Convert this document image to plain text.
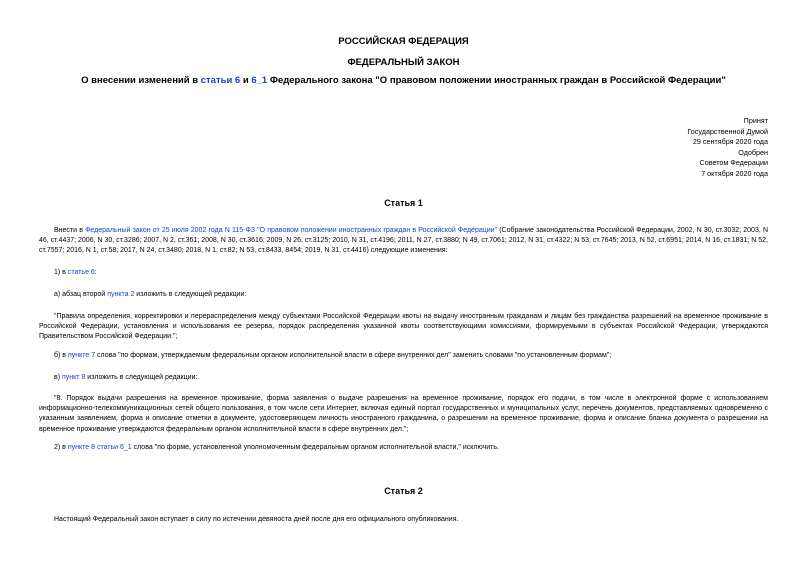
РОССИЙСКАЯ ФЕДЕРАЦИЯ
ФЕДЕРАЛЬНЫЙ ЗАКОН
О внесении изменений в статьи 6 и 6_1 Федерального закона "О правовом положении иностранных граждан в Российской Федерации"
Принят
Государственной Думой
29 сентября 2020 года
Одобрен
Советом Федерации
7 октября 2020 года
Статья 1
Внести в Федеральный закон от 25 июля 2002 года N 115-ФЗ "О правовом положении иностранных граждан в Российской Федерации" (Собрание законодательства Российской Федерации, 2002, N 30, ст.3032; 2003, N 46, ст.4437; 2006, N 30, ст.3286; 2007, N 2, ст.361; 2008, N 30, ст.3616; 2009, N 26, ст.3125; 2010, N 31, ст.4196; 2011, N 27, ст.3880; N 49, ст.7061; 2012, N 31, ст.4322; N 53, ст.7645; 2013, N 52, ст.6951; 2014, N 16, ст.1831; N 52, ст.7557; 2016, N 1, ст.58; 2017, N 24, ст.3480; 2018, N 1, ст.82; N 53, ст.8433, 8454; 2019, N 31, ст.4416) следующие изменения:
1) в статье 6:
а) абзац второй пункта 2 изложить в следующей редакции:
"Правила определения, корректировки и перераспределения между субъектами Российской Федерации квоты на выдачу иностранным гражданам и лицам без гражданства разрешений на временное проживание в Российской Федерации, установления и использования ее резерва, порядок распределения указанной квоты соответствующими комиссиями, формируемыми в субъектах Российской Федерации, утверждаются Правительством Российской Федерации.";
б) в пункте 7 слова "по формам, утверждаемым федеральным органом исполнительной власти в сфере внутренних дел" заменить словами "по установленным формам";
в) пункт 8 изложить в следующей редакции:
"8. Порядок выдачи разрешения на временное проживание, форма заявления о выдаче разрешения на временное проживание, порядок его подачи, в том числе в электронной форме с использованием информационно-телекоммуникационных сетей общего пользования, в том числе сети Интернет, включая единый портал государственных и муниципальных услуг, перечень документов, представляемых одновременно с указанным заявлением, форма и описание отметки в документе, удостоверяющем личность иностранного гражданина, о разрешении на временное проживание, форма и описание бланка документа о разрешении на временное проживание утверждаются федеральным органом исполнительной власти в сфере внутренних дел.";
2) в пункте 8 статьи 6_1 слова "по форме, установленной уполномоченным федеральным органом исполнительной власти," исключить.
Статья 2
Настоящий Федеральный закон вступает в силу по истечении девяноста дней после дня его официального опубликования.
